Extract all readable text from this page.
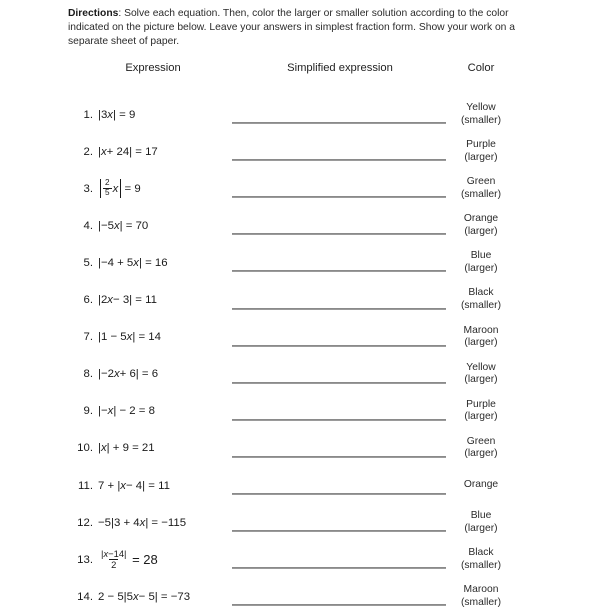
Directions: Solve each equation. Then, color the larger or smaller solution according to the color indicated on the picture below. Leave your answers in simplest fraction form. Show your work on a separate sheet of paper.
Expression	Simplified expression	Color
1. |3 x | = 9
Yellow
(smaller)
2. | x + 24| = 17
Purple
(larger)
3. $\frac{2}{5}$ x  = 9
Green
(smaller)
4. |−5 x | = 70
Orange
(larger)
5. |−4 + 5 x | = 16
Blue
(larger)
6. |2 x − 3| = 11
Black
(smaller)
7. |1 − 5 x | = 14
Maroon
(larger)
8. |−2 x + 6| = 6
Yellow
(larger)
9. |− x | − 2 = 8
Purple
(larger)
10. | x | + 9 = 21
Green
(larger)
11. 7 + | x − 4| = 11	Orange
12. −5|3 + 4 x | = −115
Blue
(larger)
13. $\frac{|x-14|}{2} = 28$	Black
(smaller)
14. 2 − 5|5 x − 5| = −73
Maroon
(smaller)
